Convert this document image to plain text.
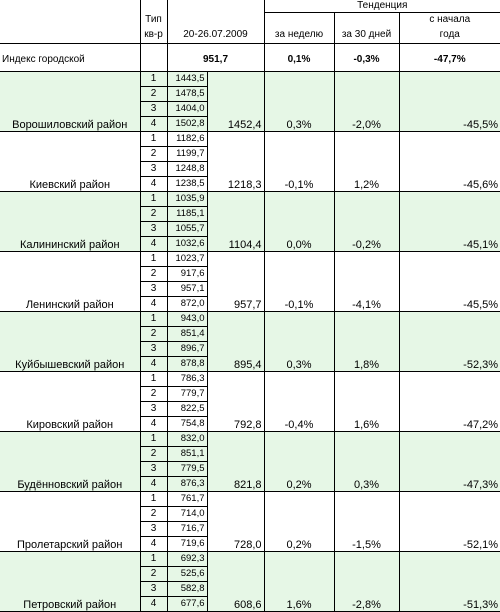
				Тенденция		
	Тип					с начала
	кв-р	20-26.07.2009		за неделю	за 30 дней	года

Индекс городской		951,7		0,1%	-0,3%	-47,7%
Ворошиловский район	1	1443,5	1452,4	0,3%	-2,0%	-45,5%
	2	1478,5				
	3	1404,0				
	4	1502,8				
Киевский район	1	1182,6	1218,3	-0,1%	1,2%	-45,6%
	2	1199,7				
	3	1248,8				
	4	1238,5				
Калининский район	1	1035,9	1104,4	0,0%	-0,2%	-45,1%
	2	1185,1				
	3	1055,7				
	4	1032,6				
Ленинский район	1	1023,7	957,7	-0,1%	-4,1%	-45,5%
	2	917,6				
	3	957,1				
	4	872,0				
Куйбышевский район	1	943,0	895,4	0,3%	1,8%	-52,3%
	2	851,4				
	3	896,7				
	4	878,8				
Кировский район	1	786,3	792,8	-0,4%	1,6%	-47,2%
	2	779,7				
	3	822,5				
	4	754,8				
Будённовский район	1	832,0	821,8	0,2%	0,3%	-47,3%
	2	851,1				
	3	779,5				
	4	876,3				
Пролетарский район	1	761,7	728,0	0,2%	-1,5%	-52,1%
	2	714,0				
	3	716,7				
	4	719,6				
Петровский район	1	692,3	608,6	1,6%	-2,8%	-51,3%
	2	525,6				
	3	582,8				
	4	677,6				
